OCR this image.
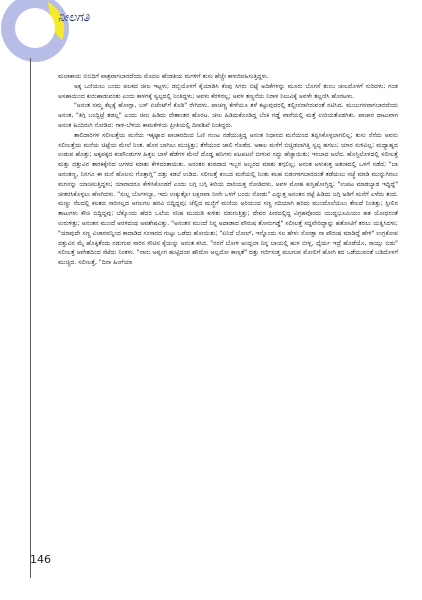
ನೀಲಗತಿ

ಮಲಾಕಾಯ ಬಿಬಿದಿಗೆ ಪಾತ್ರವಾಗಬಾರದೆಂದು ಮೊದಲ ಹೆಂಡತಿಯ ಮಗಳಿಗೆ ತುಸು ಹೆಚ್ಚೇ ಕಾಳಜಿವಹಿಸುತ್ತಿದ್ದಳು.

ಅಕ್ಕ ಒಣಿಯಲು ಬಂದು ಪಲಕದ ಚೀಲ ಇಟ್ಟಳು; ಡಬ್ಬಿಯೊಳಗೆ ಕೈಯಾಡಿಸಿ ಕೆಂಪು ಸಿಗರು ಬಿಟ್ಟೆ ಅದಿಕೆಗಳನ್ನು ಮೂರು ಬೊಗಸೆ ತುಂಬ ಚೀಲದೊಳಗೆ ಸುರಿದಳು; ಗಂಡ ಅಸಹಾಯಿಂದ ಕುರುಹಾಡುವಂತು ಎಂದು ಕಾಳಗಕ್ಕೆ ಸ್ವಲ್ಪದಲ್ಲಿ ನಿಂತಿದ್ದಳು; ಅವಳು ಕೆರಳಿರಲ್ಲ; ಅವಳ ತಣ್ಣನೆಯ ನಿರಾಳ ನಿಲುವಿಕ್ಕೆ ಅವಳೇ ತಲ್ಲಣಿಸಿ ಹೊರಟಳು.

"ಅನಂತ ನಮ್ಮ ಕೆಲ್ಸಕ್ಕೆ ಹೋಗ್ಲಾ, ಬಸ್ ಏಜೆಂಟ್‌ಗೆ ಕೊಡಿ" ರೇಗಿದಳು. ಪಾಚಣ್ಣ ಕೇಳೆಯೂ ತಳೆ ಕಟ್ಟುವುದರಲ್ಲಿ ತಲ್ಲೀನನಾಗಿರುವಂತೆ ನಟಿಸಿದ. ಮುಜುಗರವಾಗಬಾರದೆಂದು ಅನಂತ, "ತಿಗ್ಗಿ ಬಂದ್ಬಿಟ್ರೆ ತಡಲ್ಲ" ಎಂದು ಚೀಲ ಹಿಡಿದು ದೇಶಾಂತರ ಹೊರಟ. ಚೀಲ ಹಿಡಿದುಕೊಂಡಿದ್ದ ಬೆಂಕಿ ಗಡ್ಡೆ ವಾರೆಯಲ್ಲಿ ಮತ್ತೆ ಉರಿಯತೊಡಗಿತು. ಪಾಚಾರ ದಾಟುವಾಗ ಅನಂತ ಹಿಂದಿರುಗಿ ನೋಡಿದ: ಗಾಳಿ-ಬೆಳಿಯ ಕಾಮಕೇಳಿಯ ಪ್ರೀತಿಯಲ್ಲಿ ದೀಪಶಿಖೆ ನಿಂತಿದ್ದರು.

ತಾಲಿದಾರಿಗಳ ಸಲೀಲತ್ತೆಯ ಮನೆಯ ಇಕ್ಕಟ್ಟಾದ ಪಾಚಾರದಿಂದ ಓಣಿ ಗುಂಟ ನಡೆಯುತ್ತಿದ್ದ ಅನಂತ ನಿಧಾನದ ಮನೆಯಿಂದ ತಪ್ಪಿಸಿಕೊಳ್ಳಲಾಗಲಿಲ್ಲ; ತುಸು ನೆನೆದು ಅವನು ಸಲೀಲತ್ತೆಯ ಮನೆಯ ಚಿಟ್ಟೆಯ ಮೇಲೆ ನಿಂತ. ಹೊರ ಬಾಗಿಲು ಮುಚ್ಚಿತ್ತು; ತೆರೆಯಂದ ಜಾಲಿ ಗೊಡೆದ. ಅಕಾಲ ಮಳೆಗೆ ಬಿಚ್ಚಿಡಲಾಗಿತ್ತಿ ಸ್ವಲ್ಪ ಹಗಲು; ಯಾರ ಸುಳಿವಿಲ್ಲ; ಮಧ್ಯಾಹ್ನದ ಉಡುಪ ಹೊತ್ತು; ಅಕ್ಕಪಕ್ಕದ ಕಂಪೌಂಡುಗಳ ಹಿತ್ತಲ ಬಾಳೆ ಹೆಡೆಗಳ ಮೇಲೆ ದೊಡ್ಡ ಹನಿಗಳು ಪಟಪಟನೆ ಬೀಳುವ ಸದ್ದು ಹೆಚ್ಚಾಯಿತು; ಇಂಬಾದ ಅಲೆದ. ಹೊಸ್ತಿಲೊಳದಲ್ಲಿ ಸಲೀಲತ್ತೆ ಮತ್ತು ದತ್ತುವಿನ ತಾರಕಕ್ಕೇರಿದ ಜಗಳದ ಮಾತು ಕೇಳಿದಂತಾಯಿತು. ಅನಂತನ ಕಂಠದಾದ ಇಬ್ಬರ ಅಬ್ಬರದ ಮಾತು ತಗ್ಗಲಿಲ್ಲ; ಅನಂತ ಅಳುಕುತ್ತ ಅತಂಕದಲ್ಲಿ ಒಳಗೆ ನಡೆದ; "ಬಾ ಅನಂತಣ್ಣ, ನಿನಗೂ ಈ ಮನೆ ಹೊಲಸು ಗೊತ್ತಾಗ್ಲಿ" ದತ್ತು ಕಡಲೆ ಉಡಿದ. ಸಲೀಲತ್ತೆ ಕಂಬದ ಮರೆಯಲ್ಲಿ ನಿಂತು ಕಲಹ ಬಿಡಂಗಾಗಬಾರದಂತೆ ತಡೆಯಲು ಸಜ್ಜೆ ಮಾಡಿ ಮುನ್ನುಗಿರಲು ಮಗನನ್ನು ಯಾಚಿಸುತ್ತಿದ್ದಳು; ಯಾರಾದರೂ ಕೇಳಿಸಿಕೊಂಡರೆ ಎಂದು ಬಗ್ಗಿ ಬಗ್ಗಿ ಕೀರಿಯ ದಾರಿಯತ್ತ ನೋಡಿದಳು, ಅವಳ ಮೋಹ ಕುಸ್ತಿಹೋಗ್ತಿದ್ದ; "ಉಪಟ ಮಾಡಬ್ಯಾಡ ಇದ್ದಿದ್ದೆ" ಚೀತರಸಿಕೊಳ್ಳಲು ಹೆಣಗಿದಳು. "ಸುಲ್ಲ ಬೊಗಳಬ್ಯಾ, ಇದು ಉಕ್ಕುತ್ಪೋ ಲಕ್ಷಣವಾ ನೀನೇ ಒಳಗೆ ಬಂದು ನೋಡು" ಎನ್ನುತ್ತ ಅನಂತನ ರಟ್ಟೆ ಹಿಡಿದು ಜಗ್ಗಿ ಅಡಿಗೆ ಮನೆಗೆ ಎಳೆದು ತಂದ. ಮಣ್ಣು ನೆಲದಲ್ಲಿ ಕಲಶದ ಸಾರಿನಲ್ಲದ ಅಗಲಗಲ ಹರವಿ ಬಿದ್ದಿದ್ದವು; ಚೆಲ್ಲಿದ ಮಜ್ಜಿಗೆ ಮಣಿಯ ಅರಿಯಂದ ಸಣ್ಣ ನದಿಯಾಗಿ ಹರಿದು ಮುಂದೊಲೆಯಲು ತೇಲದೆ ನಿಂತಿತ್ತು; ಸ್ಟೀಲಿನ ತಾಟುಗಳು ಕೌಚಿ ಬಿದ್ದಿದ್ದವು; ಬೆಕ್ಕೊಂದು ಹೆದರಿ ಒಲೆಯ ಸನಿಹ ಮುದುಡಿ ಕುಳಿತು ನಡುಗುತ್ತಿತ್ತು; ದೇವರ ಪೀಠದಲ್ಲಿದ್ದ ವಿಗ್ರಹವೊಂದು ಯುದ್ಧಭೂಮಿಯಂ ಹತ ಯೋಧನಂತೆ ಉರುಳಿತ್ತು; ಅನಂತನ ಮುಂದೆ ಅರಳಿದಂಥ ಅವಶೇಷವಿತ್ತು. "ಅನಂತನ ಮುಂದೆ ನಿನ್ನ ಅದಾಡಾದ ಪೌರುಷ ತೋರುಗಡ್ಡೆ" ಸಲೀಲತ್ತೆ ಸದ್ದವೇರಿದ್ದಾನ್ನು ಹತೋಟಿಗೆ ತರಲು ಯತ್ನಿಸಿದಳು; "ಯಾವುದೇ ಸಣ್ಣ ವಿಚಾರವನ್ನಿಂದ ಕಾದಾಡಿದ ಸಂಸಾರದ ಗುಟ್ಟು ಒಡೆದು ಹೋಯಿತು; "ಏನಿದೆ ಬೋಲ್, ಇನ್ನೊಂದು ಸಲ ಹೇಳು ನೋಡ್ತಾ ನಾ ಪೌರುಷ ಮಾಡಿದ್ದೆ ಹೇಳಿ" ಉಗ್ರಕೋಪ ದತ್ತುವಿನ ಮೈ ಹೊಕ್ಕಿತೆಂದು ನಡುಗುವ ಸಾರಿನ ಸೌಟಿನ ಕೈಯನ್ನು ಅನಂತ ಕಸಿದ. "ನನಗೆ ಬೋಳಿ ಅಂದ್ಲಲಾ ನಿನ್ನ ಬಾಯಲ್ಲಿ ಹುಳ ಬೀಳ್ಲ, ಧೈರ್ಯ ಇದ್ರೆ ಹೊಡೆಯೊ, ಸಾಯ್ಸು ಬಿಡು" ಸಲೀಲತ್ತೆ ಆವೇಶದಿಂದ ಸೆಟೆದು ನಿಂತಳು. "ನಾನು ಅಪ್ಪಂಗ ಹುಟ್ಟಿದಂವ ಹೌದೋ ಅಲ್ಲದೋ ಕಾಣ್ಸತೆ" ದತ್ತು ಗರ್ಜಿಸುತ್ತ ಮಲಗುವ ಮೋಲಿಗೆ ಹೋಗಿ ಕದ ಒಡೆಯುವಂತೆ ಬಡಿದೊಳಗೆ ಮುಚ್ಚಿದ. ಸಲೀಲತ್ತೆ, "ದಿನಾ ಹಿಂಗೆಯಾ

146
